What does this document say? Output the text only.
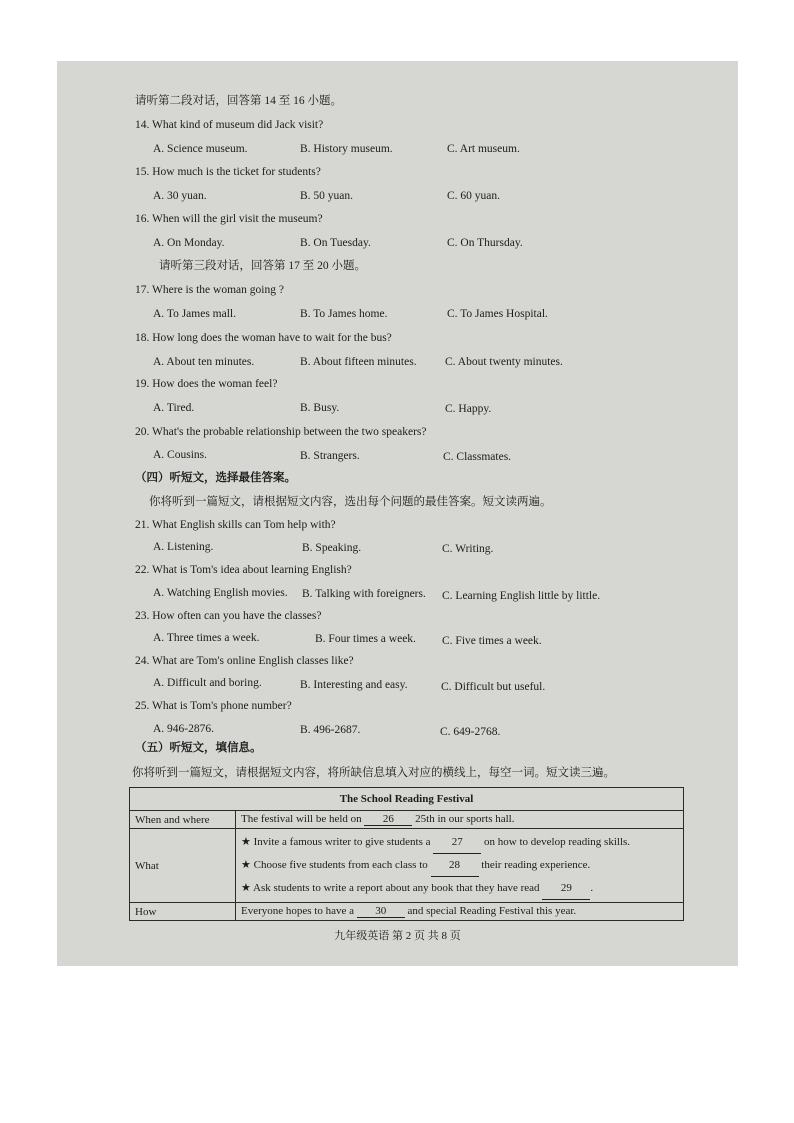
请听第二段对话，回答第 14 至 16 小题。
14. What kind of museum did Jack visit?
A. Science museum.	B. History museum.	C. Art museum.
15. How much is the ticket for students?
A. 30 yuan.	B. 50 yuan.	C. 60 yuan.
16. When will the girl visit the museum?
A. On Monday.	B. On Tuesday.	C. On Thursday.
请听第三段对话，回答第 17 至 20 小题。
17. Where is the woman going ?
A. To James mall.	B. To James home.	C. To James Hospital.
18. How long does the woman have to wait for the bus?
A. About ten minutes.	B. About fifteen minutes. C. About twenty minutes.
19. How does the woman feel?
A. Tired.	B. Busy.	C. Happy.
20. What's the probable relationship between the two speakers?
A. Cousins.	B. Strangers.	C. Classmates.
（四）听短文，选择最佳答案。
你将听到一篇短文，请根据短文内容，选出每个问题的最佳答案。短文读两遍。
21. What English skills can Tom help with?
A. Listening.	B. Speaking.	C. Writing.
22. What is Tom's idea about learning English?
A. Watching English movies. B. Talking with foreigners. C. Learning English little by little.
23. How often can you have the classes?
A. Three times a week.	B. Four times a week. C. Five times a week.
24. What are Tom's online English classes like?
A. Difficult and boring.	B. Interesting and easy.	C. Difficult but useful.
25. What is Tom's phone number?
A. 946-2876.	B. 496-2687.	C. 649-2768.
（五）听短文，填信息。
你将听到一篇短文，请根据短文内容，将所缺信息填入对应的横线上，每空一词。短文读三遍。
The School Reading Festival	
When and where	The festival will be held on 26 25th in our sports hall.
What	
★ Invite a famous writer to give students a 27 on how to develop reading skills.
★ Choose five students from each class to 28 their reading experience.
★ Ask students to write a report about any book that they have read 29 .

How	Everyone hopes to have a 30 and special Reading Festival this year.
九年级英语 第 2 页 共 8 页
